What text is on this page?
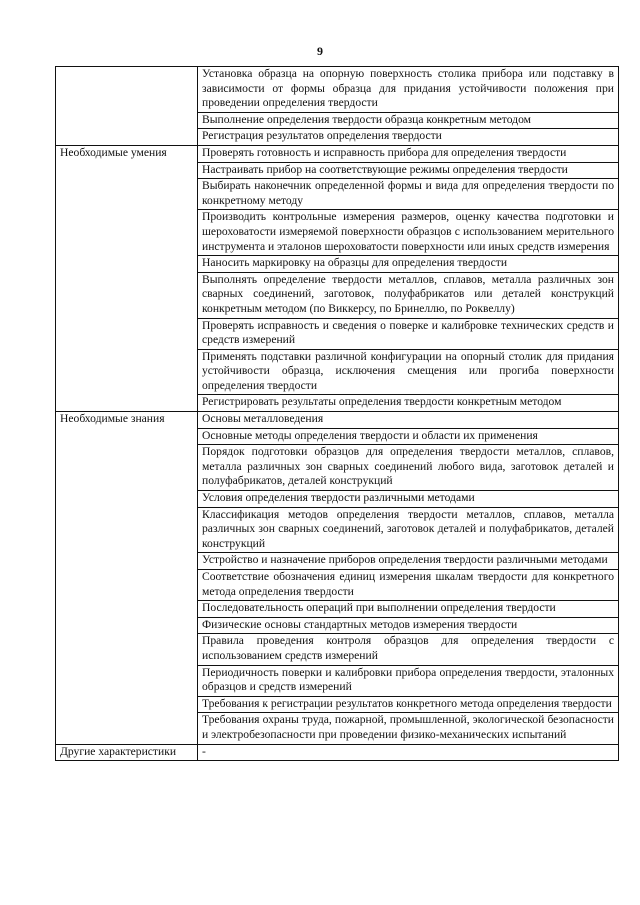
9
	Установка образца на опорную поверхность столика прибора или подставку в зависимости от формы образца для придания устойчивости положения при проведении определения твердости
	Выполнение определения твердости образца конкретным методом
	Регистрация результатов определения твердости
Необходимые умения	Проверять готовность и исправность прибора для определения твердости
	Настраивать прибор на соответствующие режимы определения твердости
	Выбирать наконечник определенной формы и вида для определения твердости по конкретному методу
	Производить контрольные измерения размеров, оценку качества подготовки и шероховатости измеряемой поверхности образцов с использованием мерительного инструмента и эталонов шероховатости поверхности или иных средств измерения
	Наносить маркировку на образцы для определения твердости
	Выполнять определение твердости металлов, сплавов, металла различных зон сварных соединений, заготовок, полуфабрикатов или деталей конструкций конкретным методом (по Виккерсу, по Бринеллю, по Роквеллу)
	Проверять исправность и сведения о поверке и калибровке технических средств и средств измерений
	Применять подставки различной конфигурации на опорный столик для придания устойчивости образца, исключения смещения или прогиба поверхности определения твердости
	Регистрировать результаты определения твердости конкретным методом
Необходимые знания	Основы металловедения
	Основные методы определения твердости и области их применения
	Порядок подготовки образцов для определения твердости металлов, сплавов, металла различных зон сварных соединений любого вида, заготовок деталей и полуфабрикатов, деталей конструкций
	Условия определения твердости различными методами
	Классификация методов определения твердости металлов, сплавов, металла различных зон сварных соединений, заготовок деталей и полуфабрикатов, деталей конструкций
	Устройство и назначение приборов определения твердости различными методами
	Соответствие обозначения единиц измерения шкалам твердости для конкретного метода определения твердости
	Последовательность операций при выполнении определения твердости
	Физические основы стандартных методов измерения твердости
	Правила проведения контроля образцов для определения твердости с использованием средств измерений
	Периодичность поверки и калибровки прибора определения твердости, эталонных образцов и средств измерений
	Требования к регистрации результатов конкретного метода определения твердости
	Требования охраны труда, пожарной, промышленной, экологической безопасности и электробезопасности при проведении физико-механических испытаний
Другие характеристики	-
